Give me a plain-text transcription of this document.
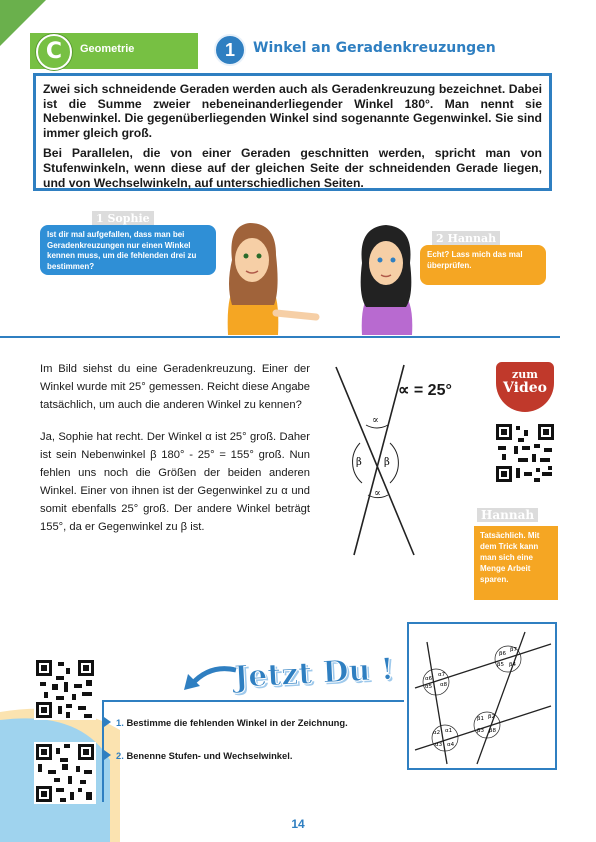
C	Geometrie	1	Winkel an Geradenkreuzungen

Zwei sich schneidende Geraden werden auch als Geradenkreuzung bezeichnet. Dabei ist die Summe zweier nebeneinanderliegender Winkel 180°. Man nennt sie Nebenwinkel. Die gegenüberliegenden Winkel sind sogenannte Gegenwinkel. Sie sind immer gleich groß.

Bei Parallelen, die von einer Geraden geschnitten werden, spricht man von Stufenwinkeln, wenn diese auf der gleichen Seite der schneidenden Gerade liegen, und von Wechselwinkeln, auf unterschiedlichen Seiten.

1 Sophie
Ist dir mal aufgefallen, dass man bei Geradenkreuzungen nur einen Winkel kennen muss, um die fehlenden drei zu bestimmen?
2 Hannah
Echt? Lass mich das mal überprüfen.

Im Bild siehst du eine Geradenkreuzung. Einer der Winkel wurde mit 25° gemessen. Reicht diese Angabe tatsächlich, um auch die anderen Winkel zu kennen?

Ja, Sophie hat recht. Der Winkel α ist 25° groß. Daher ist sein Nebenwinkel β 180° - 25° = 155° groß. Nun fehlen uns noch die Größen der beiden anderen Winkel. Einer von ihnen ist der Gegenwinkel zu α und somit ebenfalls 25° groß. Der andere Winkel beträgt 155°, da er Gegenwinkel zu β ist.

∝
β β
∝
∝ = 25°
zum
Video
Hannah
Tatsächlich. Mit dem Trick kann man sich eine Menge Arbeit sparen.
Jetzt Du !
1. Bestimme die fehlenden Winkel in der Zeichnung.
2. Benenne Stufen- und Wechselwinkel.
α6
α5
α7
α8
α2 α1
α3 α4
β6
β7
β5 β4
β1 β2
β3 β8
14
